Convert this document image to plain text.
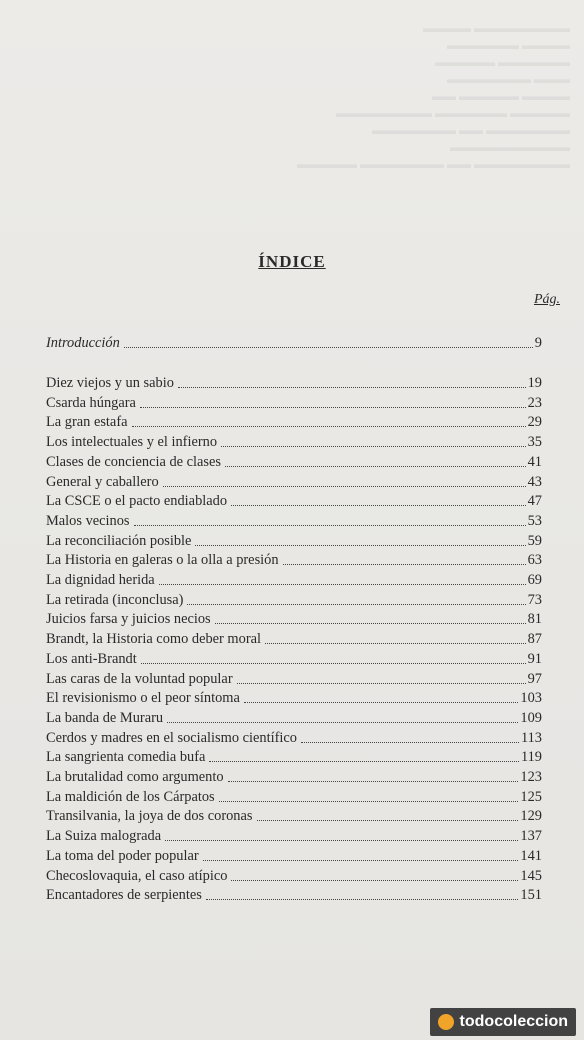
▬▬▬▬▬▬▬▬ ▬▬▬▬
▬▬▬▬ ▬▬▬▬▬▬
▬▬▬▬▬▬ ▬▬▬▬▬
▬▬▬ ▬▬▬▬▬▬▬
▬▬▬▬ ▬▬▬▬▬ ▬▬
▬▬▬▬▬ ▬▬▬▬▬▬ ▬▬▬▬▬▬▬▬
▬▬▬▬▬▬▬ ▬▬ ▬▬▬▬▬▬▬
▬▬▬▬▬▬▬▬▬▬
▬▬▬▬▬▬▬▬ ▬▬ ▬▬▬▬▬▬▬ ▬▬▬▬▬
ÍNDICE
Pág.
Introducción	9
Diez viejos y un sabio	19
Csarda húngara	23
La gran estafa	29
Los intelectuales y el infierno	35
Clases de conciencia de clases	41
General y caballero	43
La CSCE o el pacto endiablado	47
Malos vecinos	53
La reconciliación posible	59
La Historia en galeras o la olla a presión	63
La dignidad herida	69
La retirada (inconclusa)	73
Juicios farsa y juicios necios	81
Brandt, la Historia como deber moral	87
Los anti-Brandt	91
Las caras de la voluntad popular	97
El revisionismo o el peor síntoma	103
La banda de Muraru	109
Cerdos y madres en el socialismo científico	113
La sangrienta comedia bufa	119
La brutalidad como argumento	123
La maldición de los Cárpatos	125
Transilvania, la joya de dos coronas	129
La Suiza malograda	137
La toma del poder popular	141
Checoslovaquia, el caso atípico	145
Encantadores de serpientes	151
todocoleccion
